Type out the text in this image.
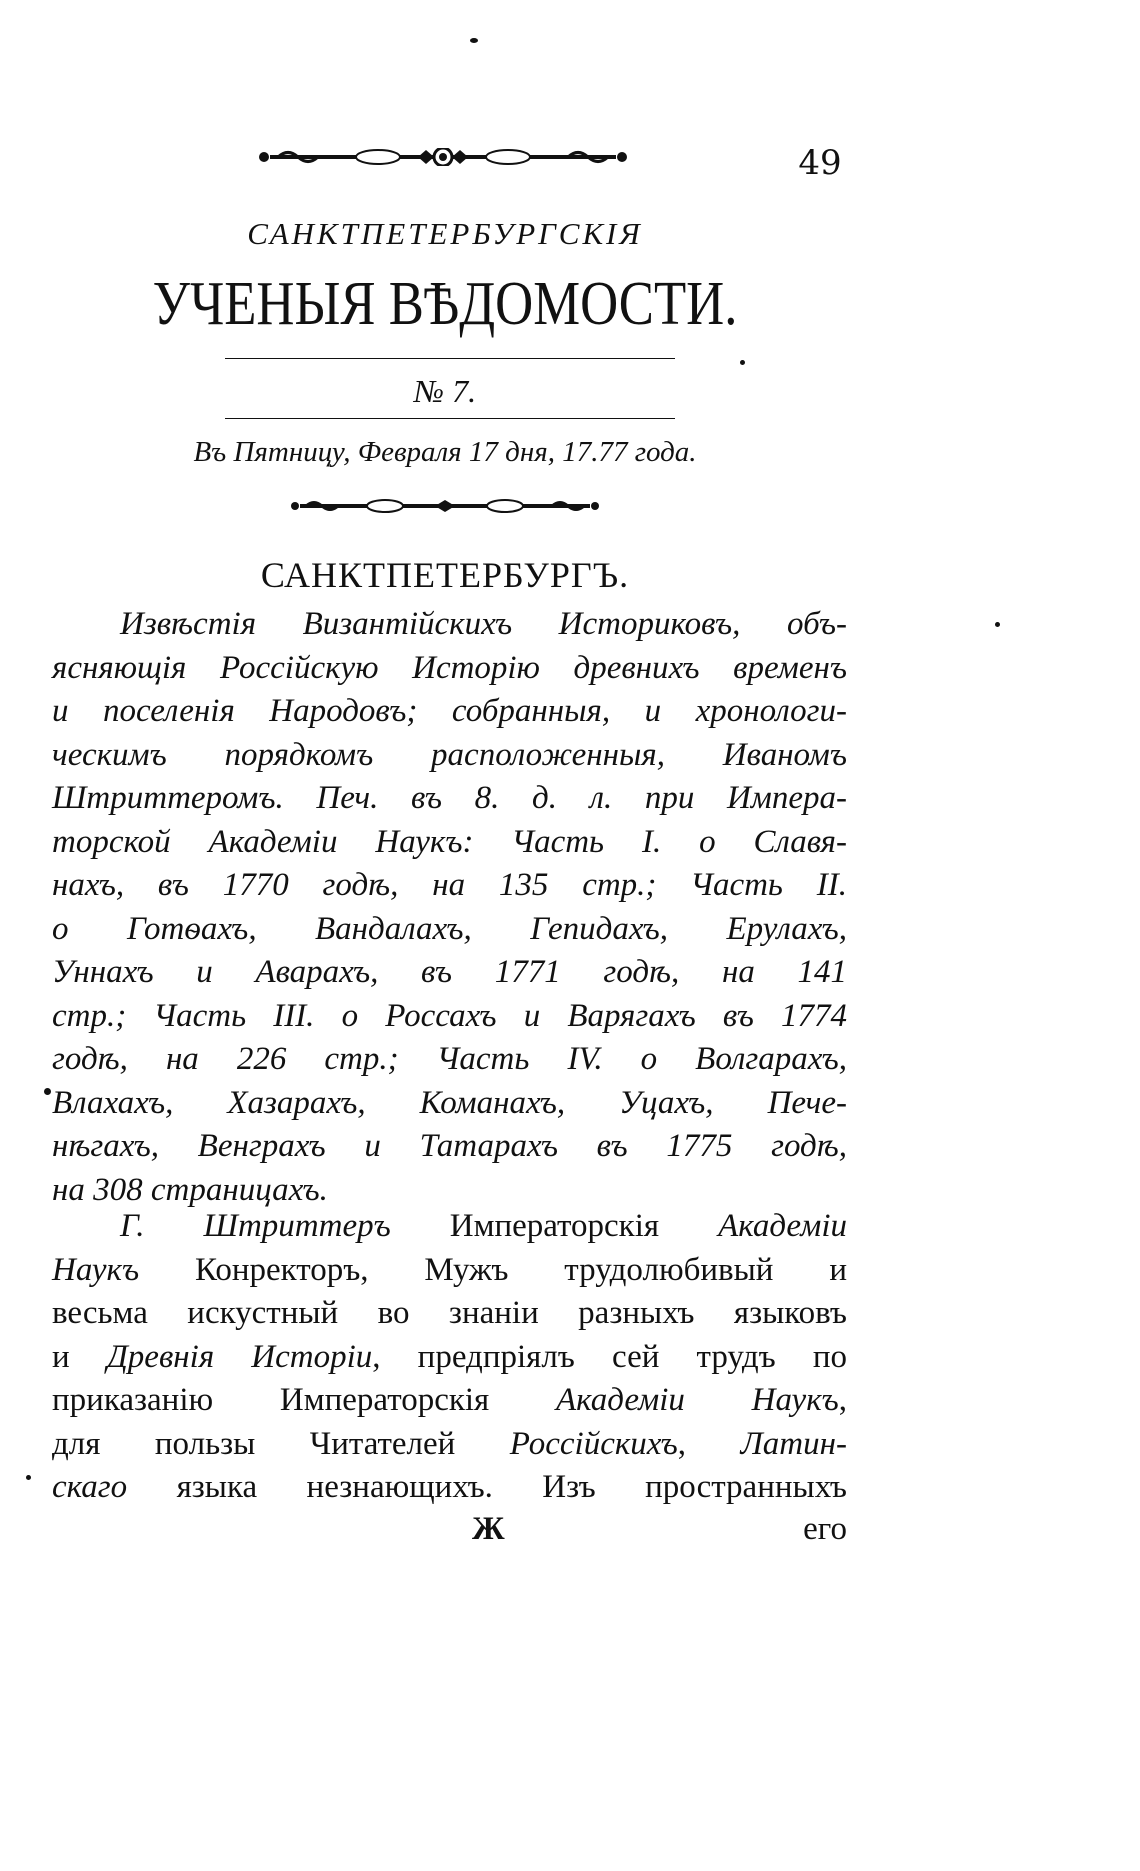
49
САНКТПЕТЕРБУРГСКІЯ
УЧЕНЫЯ ВѢДОМОСТИ.
№ 7.
Въ Пятницу, Февраля 17 дня, 17.77 года.
САНКТПЕТЕРБУРГЪ.
Извѣстія Византійскихъ Историковъ, объ-
ясняющія Россійскую Исторію древнихъ временъ
и поселенія Народовъ; собранныя, и хронологи-
ческимъ порядкомъ расположенныя, Иваномъ
Штриттеромъ. Печ. въ 8. д. л. при Импера-
торской Академіи Наукъ: Часть I. о Славя-
нахъ, въ 1770 годѣ, на 135 стр.; Часть II.
о Готѳахъ, Вандалахъ, Гепидахъ, Ерулахъ,
Уннахъ и Аварахъ, въ 1771 годѣ, на 141
стр.; Часть III. о Россахъ и Варягахъ въ 1774
годѣ, на 226 стр.; Часть IV. о Волгарахъ,
Влахахъ, Хазарахъ, Команахъ, Уцахъ, Пече-
нѣгахъ, Венграхъ и Татарахъ въ 1775 годѣ,
на 308 страницахъ.
Г. Штриттеръ Императорскія Академіи
Наукъ Конректоръ, Мужъ трудолюбивый и
весьма искустный во знаніи разныхъ языковъ
и Древнія Исторіи, предпріялъ сей трудъ по
приказанію Императорскія Академіи Наукъ,
для пользы Читателей Россійскихъ, Латин-
скаго языка незнающихъ. Изъ пространныхъ
Ж	его
